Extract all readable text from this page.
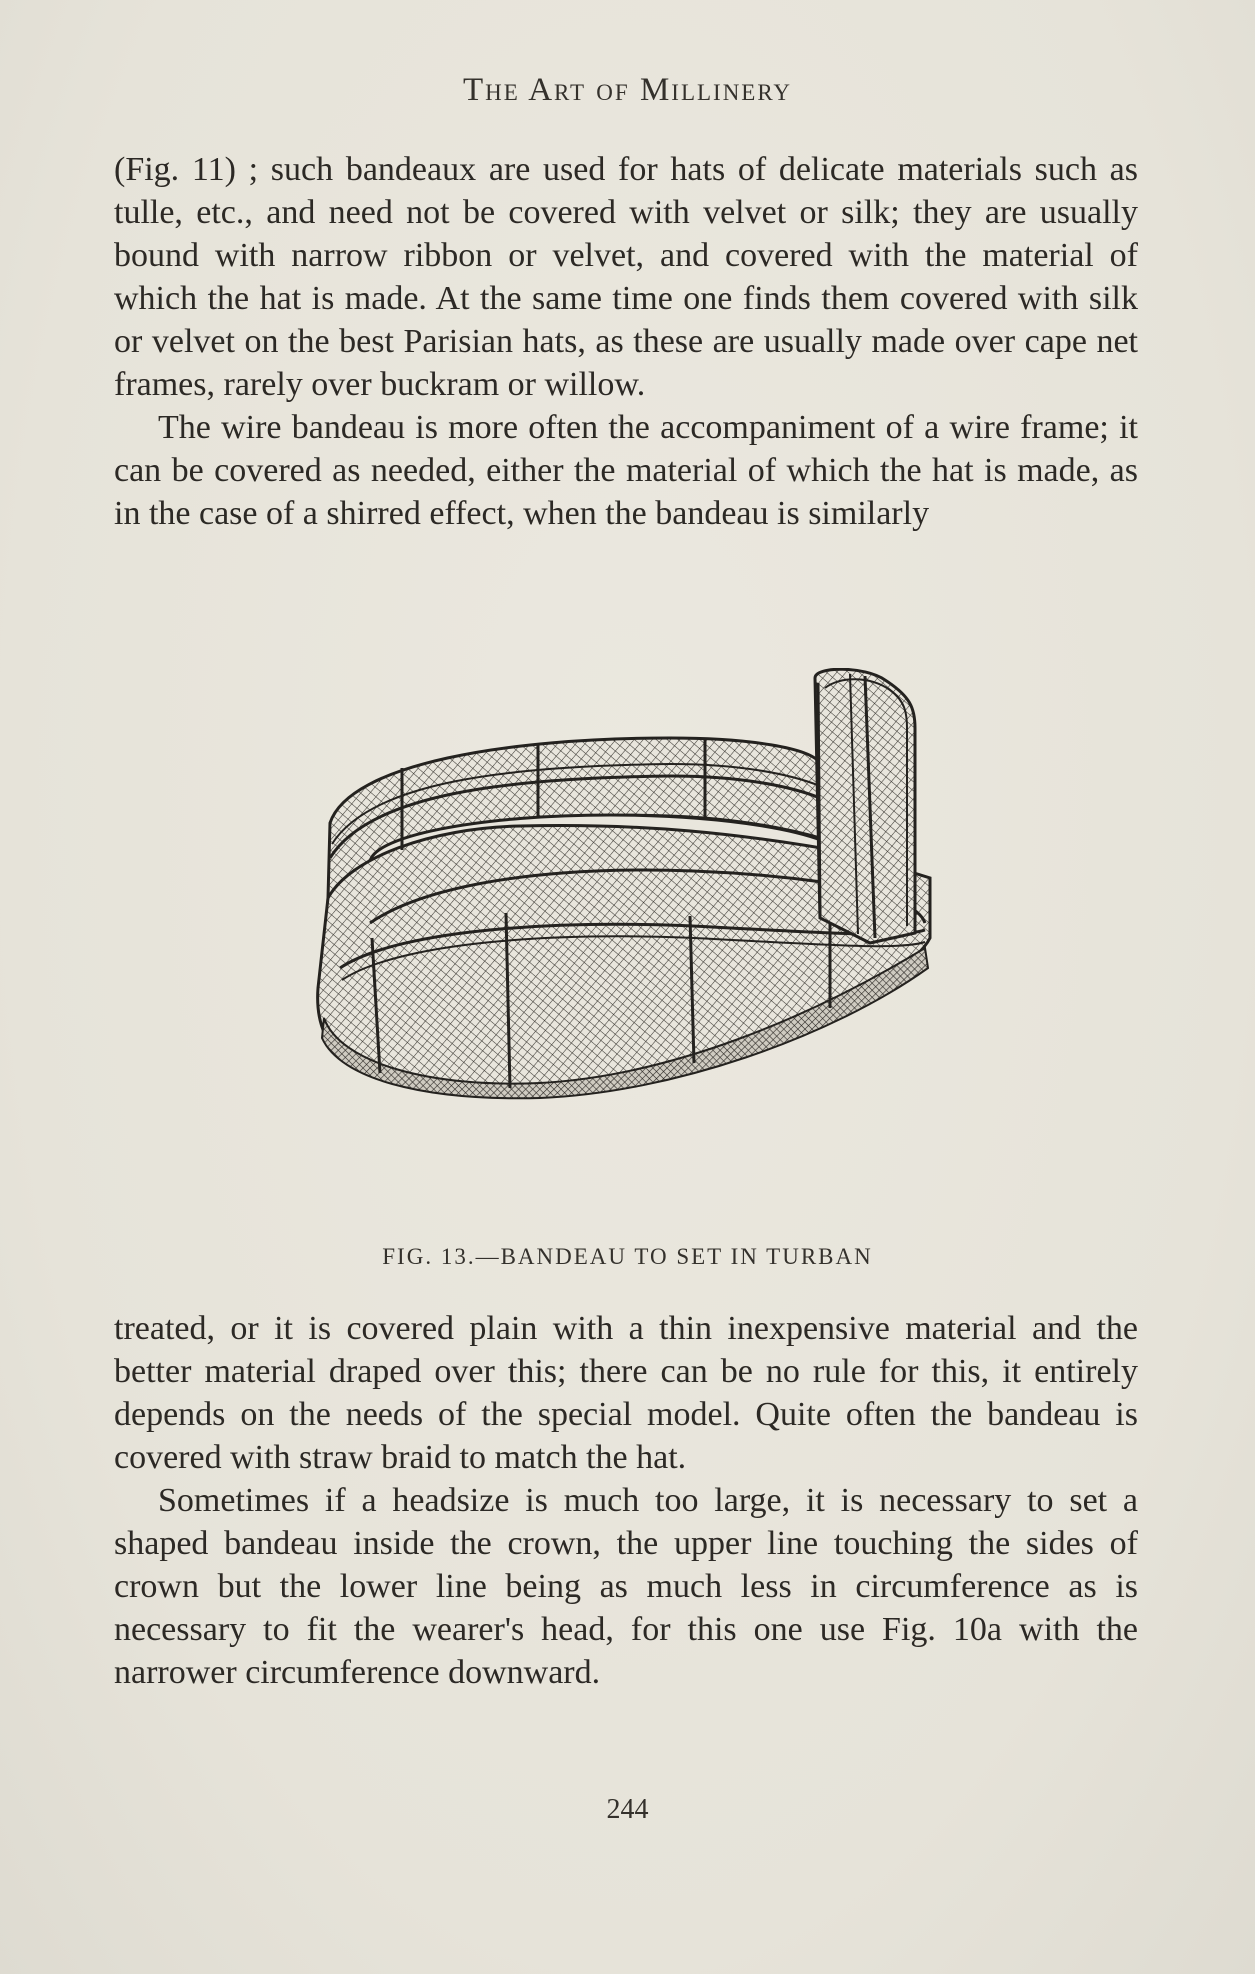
The Art of Millinery

(Fig. 11) ; such bandeaux are used for hats of delicate materials such as tulle, etc., and need not be covered with velvet or silk; they are usually bound with narrow ribbon or velvet, and covered with the material of which the hat is made. At the same time one finds them covered with silk or velvet on the best Parisian hats, as these are usually made over cape net frames, rarely over buckram or willow.

The wire bandeau is more often the accompaniment of a wire frame; it can be covered as needed, either the material of which the hat is made, as in the case of a shirred effect, when the bandeau is similarly

FIG. 13.—BANDEAU TO SET IN TURBAN

treated, or it is covered plain with a thin inexpensive material and the better material draped over this; there can be no rule for this, it entirely depends on the needs of the special model. Quite often the bandeau is covered with straw braid to match the hat.

Sometimes if a headsize is much too large, it is necessary to set a shaped bandeau inside the crown, the upper line touching the sides of crown but the lower line being as much less in circumference as is necessary to fit the wearer's head, for this one use Fig. 10a with the narrower circumference downward.

244
